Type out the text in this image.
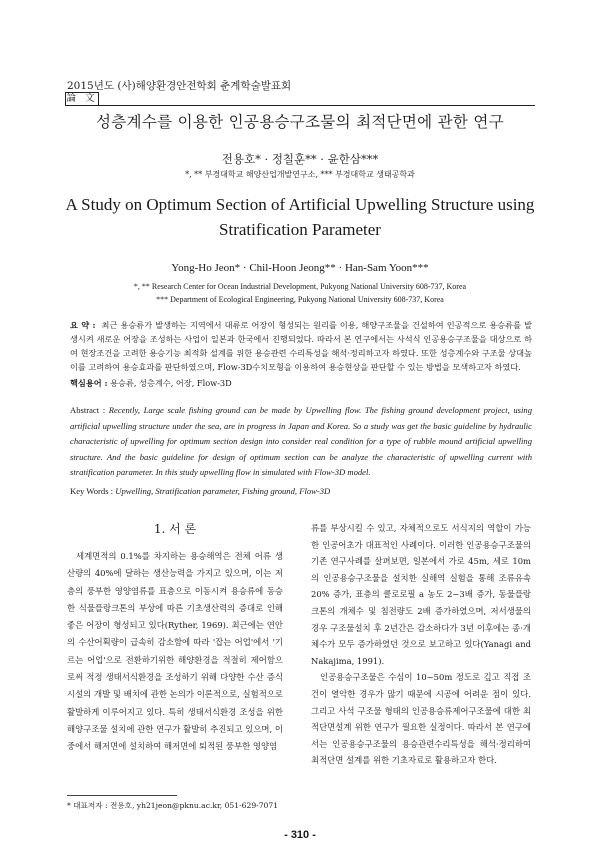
2015년도 (사)해양환경안전학회 춘계학술발표회
論 文
성층계수를 이용한 인공용승구조물의 최적단면에 관한 연구
전용호* · 정칠훈** · 윤한삼***
*, ** 부경대학교 해양산업개발연구소, *** 부경대학교 생태공학과
A Study on Optimum Section of Artificial Upwelling Structure using
Stratification Parameter
Yong-Ho Jeon* · Chil-Hoon Jeong** · Han-Sam Yoon***
*, ** Research Center for Ocean Industrial Development, Pukyong National University 608-737, Korea
*** Department of Ecological Engineering, Pukyong National University 608-737, Korea
요 약 : 최근 용승류가 발생하는 지역에서 대류로 어장이 형성되는 원리를 이용, 해양구조물을 건설하여 인공적으로 용승류를 발생시켜 새로운 어장을 조성하는 사업이 일본과 한국에서 진행되었다. 따라서 본 연구에서는 사석식 인공용승구조물을 대상으로 하여 현장조건을 고려한 용승기능 최적화 설계를 위한 용승관련 수리특성을 해석·정리하고자 하였다. 또한 성층계수와 구조물 상대높이를 고려하여 용승효과를 판단하였으며, Flow-3D수치모형을 이용하여 용승현상을 판단할 수 있는 방법을 모색하고자 하였다.
핵심용어 : 용승류, 성층계수, 어장, Flow-3D
Abstract : Recently, Large scale fishing ground can be made by Upwelling flow. The fishing ground development project, using artificial upwelling structure under the sea, are in progress in Japan and Korea. So a study was get the basic guideline by hydraulic characteristic of upwelling for optimum section design into consider real condition for a type of rubble mound artificial upwelling structure. And the basic guideline for design of optimum section can be analyze the characteristic of upwelling current with stratification parameter. In this study upwelling flow in simulated with Flow-3D model.
Key Words : Upwelling, Stratification parameter, Fishing ground, Flow-3D
1. 서 론
세계면적의 0.1%를 차지하는 용승해역은 전체 어류 생산량의 40%에 달하는 생산능력을 가지고 있으며, 이는 저층의 풍부한 영양염류를 표층으로 이동시켜 용승류에 동승한 식물플랑크톤의 부상에 따른 기초생산력의 증대로 인해 좋은 어장이 형성되고 있다(Ryther, 1969). 최근에는 연안의 수산어획량이 급속히 감소함에 따라 '잡는 어업'에서 '기르는 어업'으로 전환하기위한 해양환경을 적절히 제어함으로써 적정 생태서식환경을 조성하기 위해 다양한 수산 증식시설의 개발 및 배치에 관한 논의가 이론적으로, 실험적으로 활발하게 이루어지고 있다. 특히 생태서식환경 조성을 위한 해양구조물 설치에 관한 연구가 활발히 추진되고 있으며, 이 중에서 해저면에 설치하여 해저면에 퇴적된 풍부한 영양염

류를 부상시킬 수 있고, 자체적으로도 서식지의 역할이 가능한 인공어초가 대표적인 사례이다. 이러한 인공용승구조물의 기존 연구사례를 살펴보면, 일본에서 가로 45m, 세로 10m의 인공용승구조물을 설치한 실해역 실험을 통해 조류유속 20% 증가, 표층의 클로로필 a 농도 2~3배 증가, 동물플랑크톤의 개체수 및 침전량도 2배 증가하였으며, 저서생물의 경우 구조물설치 후 2년간은 감소하다가 3년 이후에는 종·개체수가 모두 증가하였던 것으로 보고하고 있다(Yanagi and Nakajima, 1991).

인공용승구조물은 수심이 10~50m 정도로 깊고 직접 조건이 열악한 경우가 많기 때문에 시공에 어려운 점이 있다. 그리고 사석 구조물 형태의 인공용승류제어구조물에 대한 최적단면설계 위한 연구가 필요한 실정이다. 따라서 본 연구에서는 인공용승구조물의 용승관련수리특성을 해석·정리하여 최적단면 설계를 위한 기초자료로 활용하고자 한다.

* 대표저자 : 전용호, yh21jeon@pknu.ac.kr, 051-629-7071
- 310 -
